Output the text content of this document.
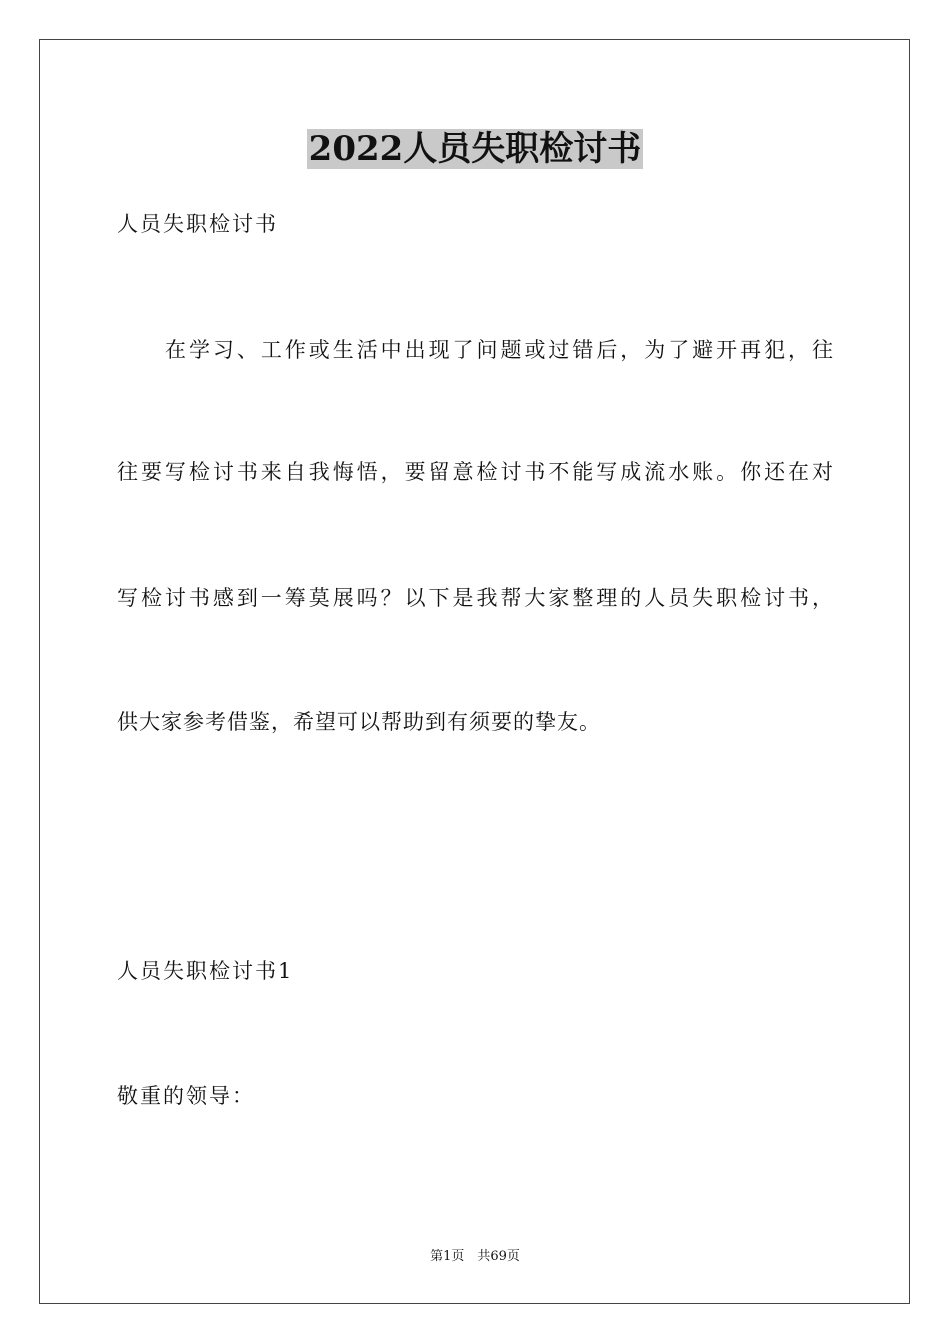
2022人员失职检讨书
人员失职检讨书
在学习、工作或生活中出现了问题或过错后，为了避开再犯，往
往要写检讨书来自我悔悟，要留意检讨书不能写成流水账。你还在对
写检讨书感到一筹莫展吗？以下是我帮大家整理的人员失职检讨书，
供大家参考借鉴，希望可以帮助到有须要的挚友。
人员失职检讨书1
敬重的领导：
第1页　共69页
